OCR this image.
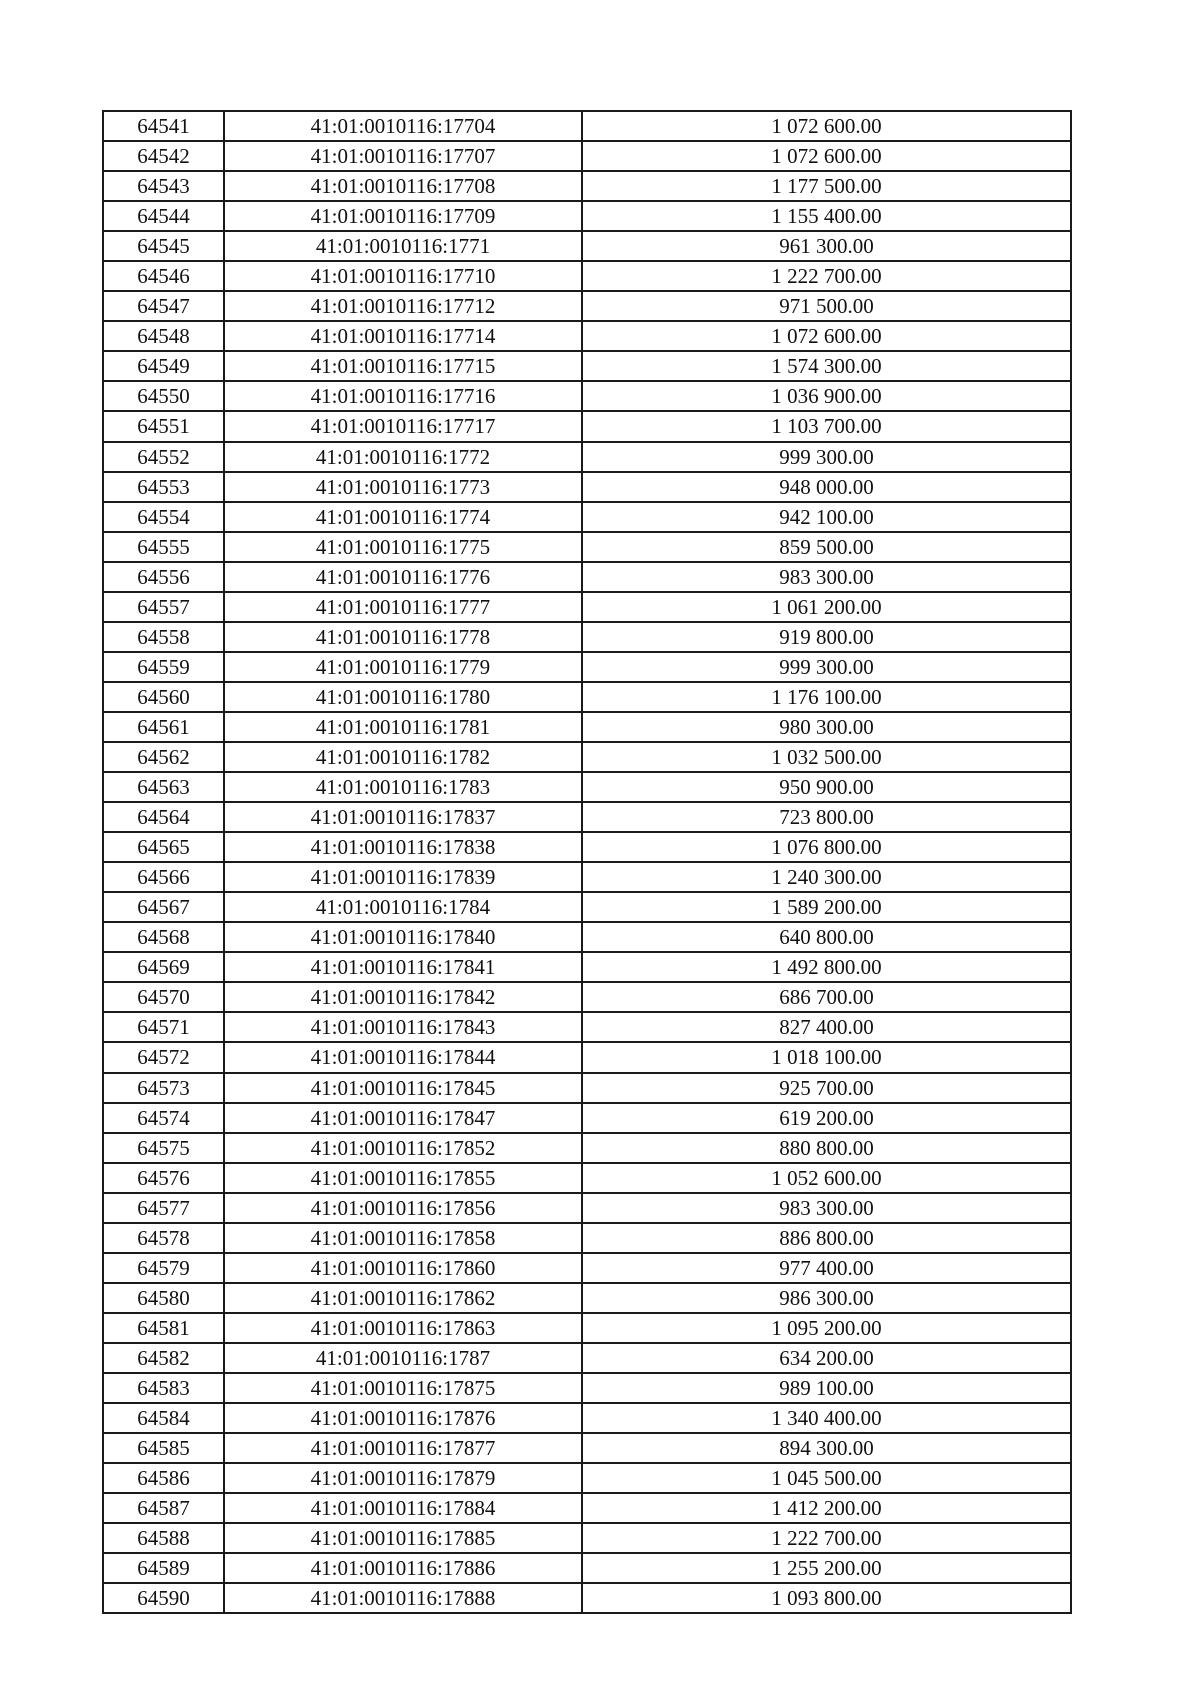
64541	41:01:0010116:17704	1 072 600.00
64542	41:01:0010116:17707	1 072 600.00
64543	41:01:0010116:17708	1 177 500.00
64544	41:01:0010116:17709	1 155 400.00
64545	41:01:0010116:1771	961 300.00
64546	41:01:0010116:17710	1 222 700.00
64547	41:01:0010116:17712	971 500.00
64548	41:01:0010116:17714	1 072 600.00
64549	41:01:0010116:17715	1 574 300.00
64550	41:01:0010116:17716	1 036 900.00
64551	41:01:0010116:17717	1 103 700.00
64552	41:01:0010116:1772	999 300.00
64553	41:01:0010116:1773	948 000.00
64554	41:01:0010116:1774	942 100.00
64555	41:01:0010116:1775	859 500.00
64556	41:01:0010116:1776	983 300.00
64557	41:01:0010116:1777	1 061 200.00
64558	41:01:0010116:1778	919 800.00
64559	41:01:0010116:1779	999 300.00
64560	41:01:0010116:1780	1 176 100.00
64561	41:01:0010116:1781	980 300.00
64562	41:01:0010116:1782	1 032 500.00
64563	41:01:0010116:1783	950 900.00
64564	41:01:0010116:17837	723 800.00
64565	41:01:0010116:17838	1 076 800.00
64566	41:01:0010116:17839	1 240 300.00
64567	41:01:0010116:1784	1 589 200.00
64568	41:01:0010116:17840	640 800.00
64569	41:01:0010116:17841	1 492 800.00
64570	41:01:0010116:17842	686 700.00
64571	41:01:0010116:17843	827 400.00
64572	41:01:0010116:17844	1 018 100.00
64573	41:01:0010116:17845	925 700.00
64574	41:01:0010116:17847	619 200.00
64575	41:01:0010116:17852	880 800.00
64576	41:01:0010116:17855	1 052 600.00
64577	41:01:0010116:17856	983 300.00
64578	41:01:0010116:17858	886 800.00
64579	41:01:0010116:17860	977 400.00
64580	41:01:0010116:17862	986 300.00
64581	41:01:0010116:17863	1 095 200.00
64582	41:01:0010116:1787	634 200.00
64583	41:01:0010116:17875	989 100.00
64584	41:01:0010116:17876	1 340 400.00
64585	41:01:0010116:17877	894 300.00
64586	41:01:0010116:17879	1 045 500.00
64587	41:01:0010116:17884	1 412 200.00
64588	41:01:0010116:17885	1 222 700.00
64589	41:01:0010116:17886	1 255 200.00
64590	41:01:0010116:17888	1 093 800.00
